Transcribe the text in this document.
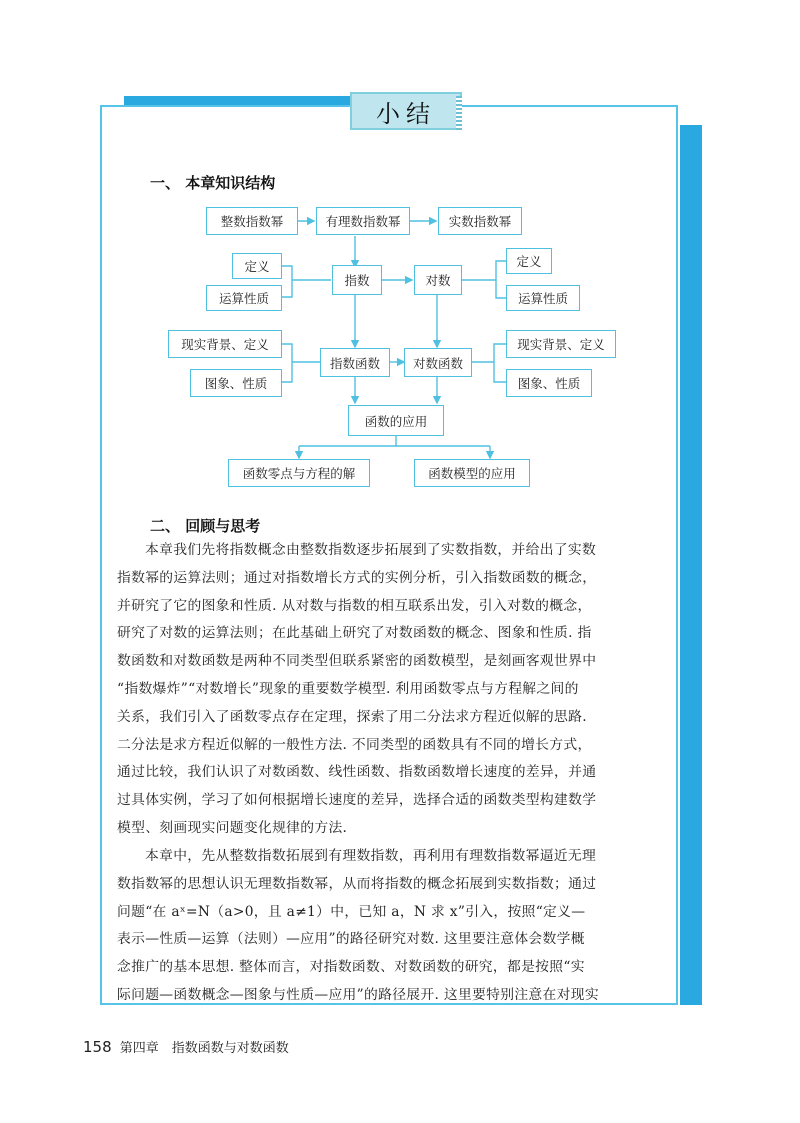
小结
一、 本章知识结构
整数指数幂	有理数指数幂	实数指数幂
定义
运算性质
指数	对数
定义
运算性质
现实背景、定义
图象、性质
指数函数	对数函数
现实背景、定义
图象、性质
函数的应用
函数零点与方程的解	函数模型的应用
二、 回顾与思考
本章我们先将指数概念由整数指数逐步拓展到了实数指数，并给出了实数
指数幂的运算法则；通过对指数增长方式的实例分析，引入指数函数的概念，
并研究了它的图象和性质. 从对数与指数的相互联系出发，引入对数的概念，
研究了对数的运算法则；在此基础上研究了对数函数的概念、图象和性质. 指
数函数和对数函数是两种不同类型但联系紧密的函数模型，是刻画客观世界中
“指数爆炸”“对数增长”现象的重要数学模型. 利用函数零点与方程解之间的
关系，我们引入了函数零点存在定理，探索了用二分法求方程近似解的思路.
二分法是求方程近似解的一般性方法. 不同类型的函数具有不同的增长方式，
通过比较，我们认识了对数函数、线性函数、指数函数增长速度的差异，并通
过具体实例，学习了如何根据增长速度的差异，选择合适的函数类型构建数学
模型、刻画现实问题变化规律的方法.
本章中，先从整数指数拓展到有理数指数，再利用有理数指数幂逼近无理
数指数幂的思想认识无理数指数幂，从而将指数的概念拓展到实数指数；通过
问题“在 aˣ=N（a>0，且 a≠1）中，已知 a，N 求 x”引入，按照“定义—
表示—性质—运算（法则）—应用”的路径研究对数. 这里要注意体会数学概
念推广的基本思想. 整体而言，对指数函数、对数函数的研究，都是按照“实
际问题—函数概念—图象与性质—应用”的路径展开. 这里要特别注意在对现实
158 第四章　指数函数与对数函数
